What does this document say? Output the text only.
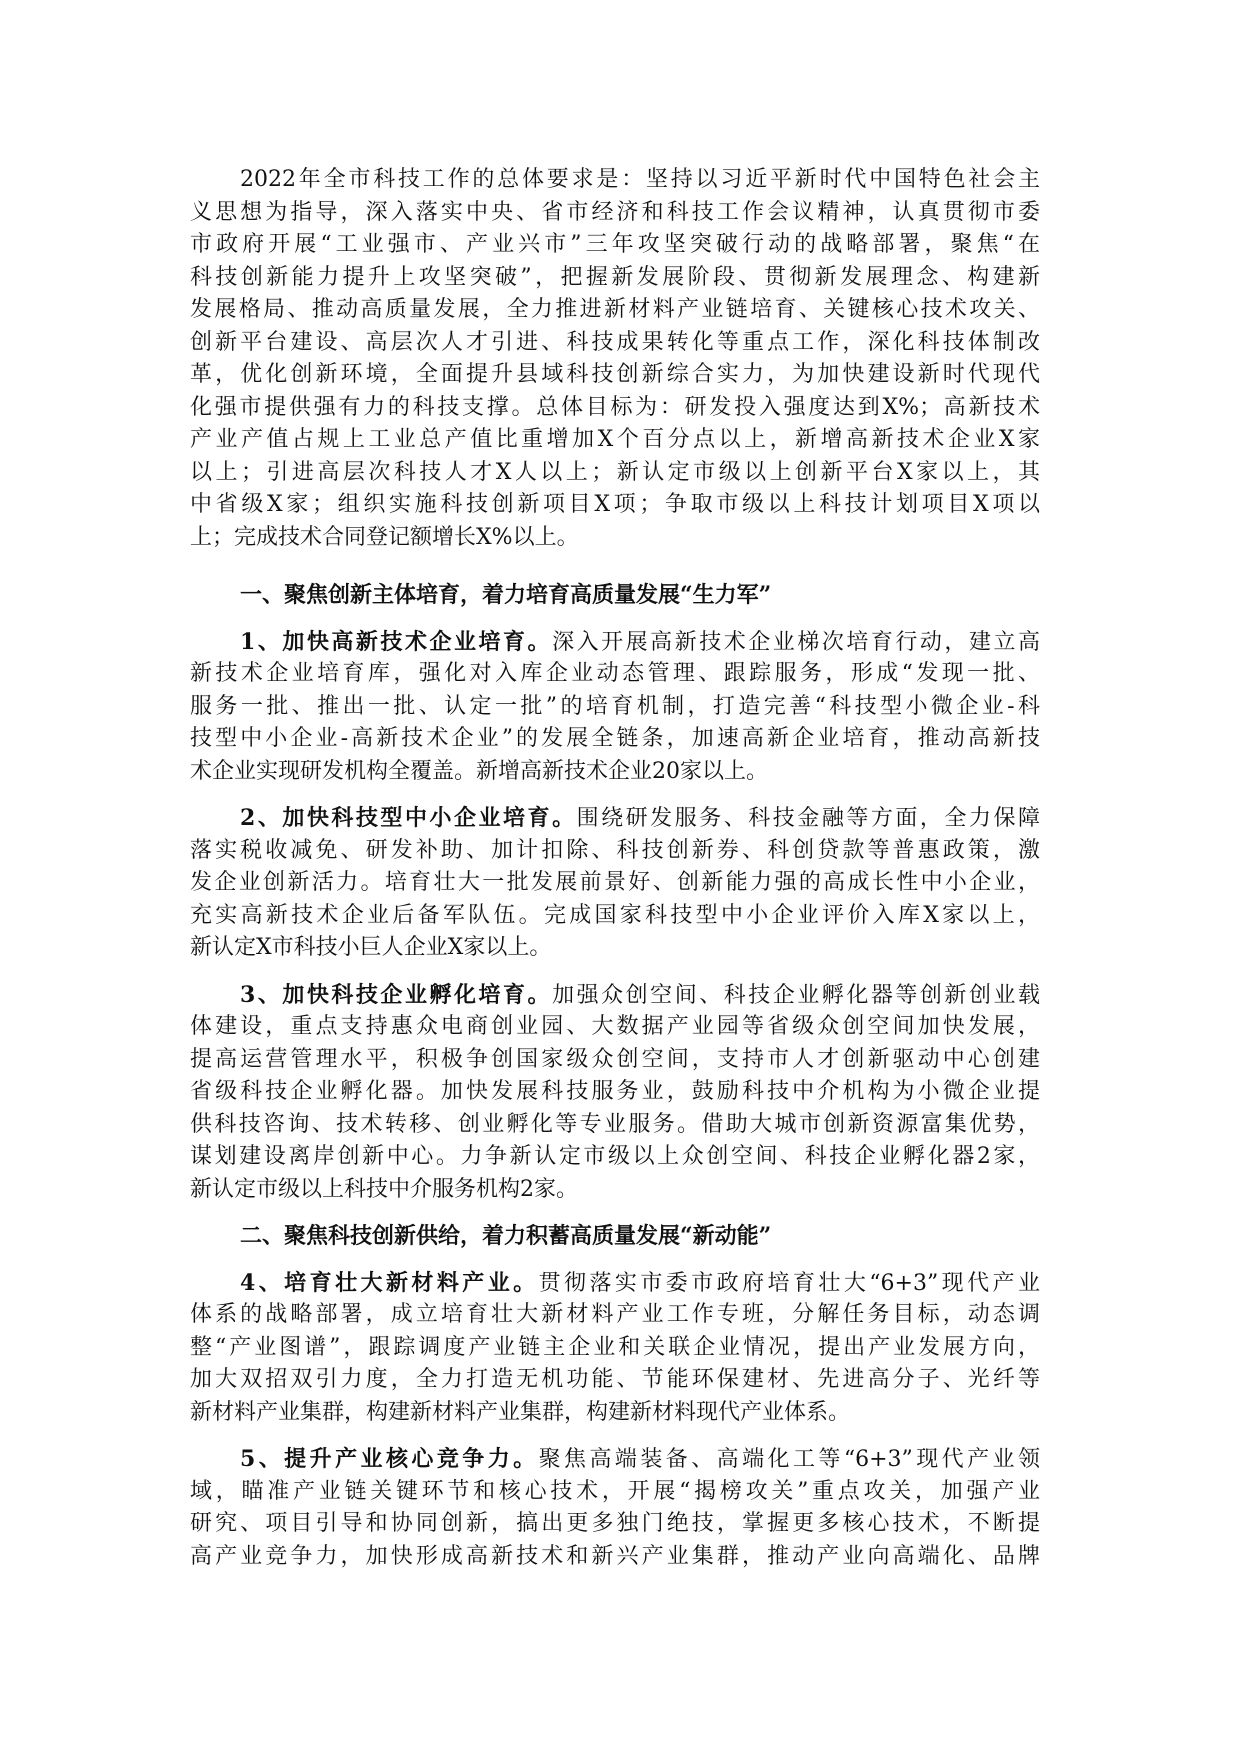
2022年全市科技工作的总体要求是：坚持以习近平新时代中国特色社会主
义思想为指导，深入落实中央、省市经济和科技工作会议精神，认真贯彻市委
市政府开展“工业强市、产业兴市”三年攻坚突破行动的战略部署，聚焦“在
科技创新能力提升上攻坚突破”，把握新发展阶段、贯彻新发展理念、构建新
发展格局、推动高质量发展，全力推进新材料产业链培育、关键核心技术攻关、
创新平台建设、高层次人才引进、科技成果转化等重点工作，深化科技体制改
革，优化创新环境，全面提升县域科技创新综合实力，为加快建设新时代现代
化强市提供强有力的科技支撑。总体目标为：研发投入强度达到X%；高新技术
产业产值占规上工业总产值比重增加X个百分点以上，新增高新技术企业X家
以上；引进高层次科技人才X人以上；新认定市级以上创新平台X家以上，其
中省级X家；组织实施科技创新项目X项；争取市级以上科技计划项目X项以
上；完成技术合同登记额增长X%以上。
一、聚焦创新主体培育，着力培育高质量发展“生力军”
1、加快高新技术企业培育。深入开展高新技术企业梯次培育行动，建立高
新技术企业培育库，强化对入库企业动态管理、跟踪服务，形成“发现一批、
服务一批、推出一批、认定一批”的培育机制，打造完善“科技型小微企业-科
技型中小企业-高新技术企业”的发展全链条，加速高新企业培育，推动高新技
术企业实现研发机构全覆盖。新增高新技术企业20家以上。
2、加快科技型中小企业培育。围绕研发服务、科技金融等方面，全力保障
落实税收减免、研发补助、加计扣除、科技创新券、科创贷款等普惠政策，激
发企业创新活力。培育壮大一批发展前景好、创新能力强的高成长性中小企业，
充实高新技术企业后备军队伍。完成国家科技型中小企业评价入库X家以上，
新认定X市科技小巨人企业X家以上。
3、加快科技企业孵化培育。加强众创空间、科技企业孵化器等创新创业载
体建设，重点支持惠众电商创业园、大数据产业园等省级众创空间加快发展，
提高运营管理水平，积极争创国家级众创空间，支持市人才创新驱动中心创建
省级科技企业孵化器。加快发展科技服务业，鼓励科技中介机构为小微企业提
供科技咨询、技术转移、创业孵化等专业服务。借助大城市创新资源富集优势，
谋划建设离岸创新中心。力争新认定市级以上众创空间、科技企业孵化器2家，
新认定市级以上科技中介服务机构2家。
二、聚焦科技创新供给，着力积蓄高质量发展“新动能”
4、培育壮大新材料产业。贯彻落实市委市政府培育壮大“6+3”现代产业
体系的战略部署，成立培育壮大新材料产业工作专班，分解任务目标，动态调
整“产业图谱”，跟踪调度产业链主企业和关联企业情况，提出产业发展方向，
加大双招双引力度，全力打造无机功能、节能环保建材、先进高分子、光纤等
新材料产业集群，构建新材料产业集群，构建新材料现代产业体系。
5、提升产业核心竞争力。聚焦高端装备、高端化工等“6+3”现代产业领
域，瞄准产业链关键环节和核心技术，开展“揭榜攻关”重点攻关，加强产业
研究、项目引导和协同创新，搞出更多独门绝技，掌握更多核心技术，不断提
高产业竞争力，加快形成高新技术和新兴产业集群，推动产业向高端化、品牌
